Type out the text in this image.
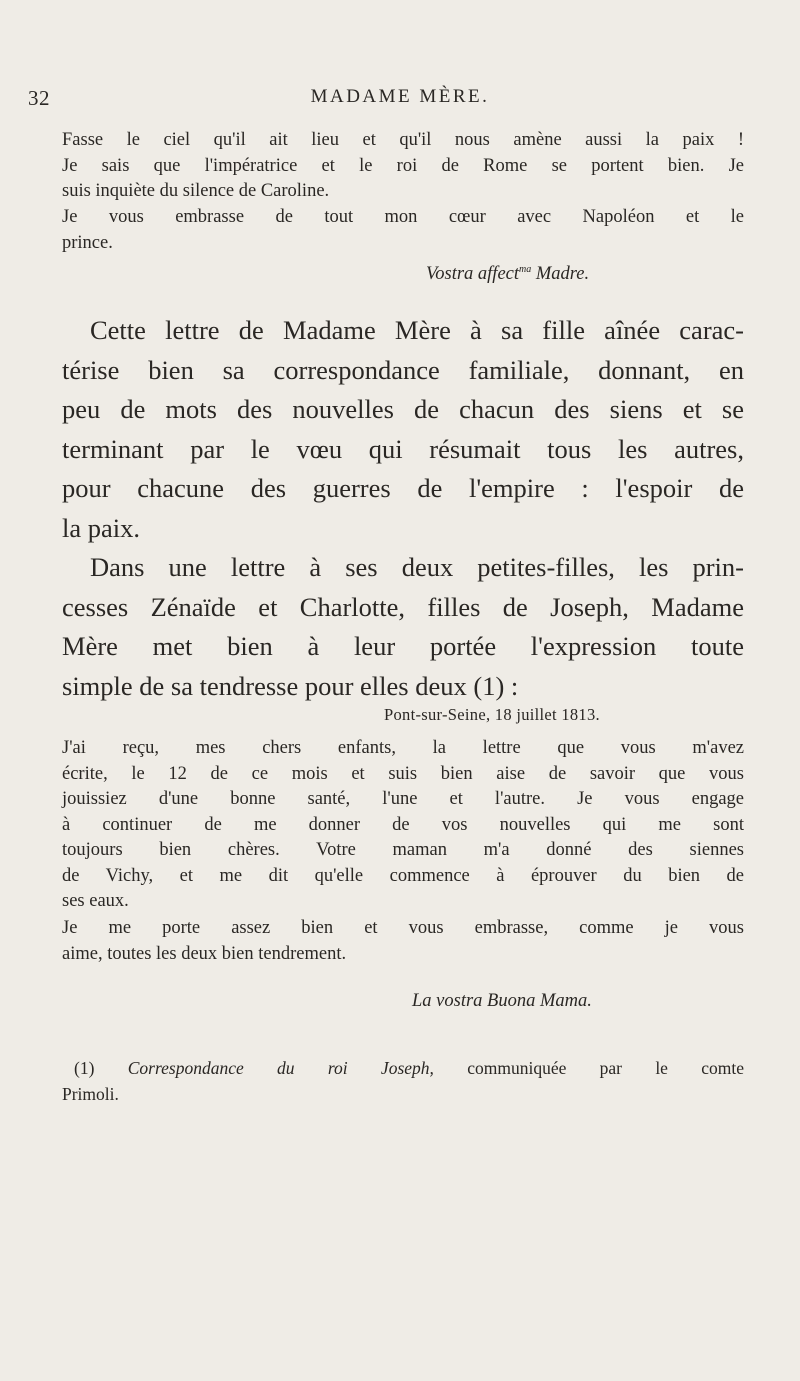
32	MADAME MÈRE.
Fasse le ciel qu'il ait lieu et qu'il nous amène aussi la paix !
Je sais que l'impératrice et le roi de Rome se portent bien. Je
suis inquiète du silence de Caroline.
Je vous embrasse de tout mon cœur avec Napoléon et le
prince.
Vostra affect$^{ma}$ Madre.
Cette lettre de Madame Mère à sa fille aînée carac-
térise bien sa correspondance familiale, donnant, en
peu de mots des nouvelles de chacun des siens et se
terminant par le vœu qui résumait tous les autres,
pour chacune des guerres de l'empire : l'espoir de
la paix.
Dans une lettre à ses deux petites-filles, les prin-
cesses Zénaïde et Charlotte, filles de Joseph, Madame
Mère met bien à leur portée l'expression toute
simple de sa tendresse pour elles deux (1) :
Pont-sur-Seine, 18 juillet 1813.
J'ai reçu, mes chers enfants, la lettre que vous m'avez
écrite, le 12 de ce mois et suis bien aise de savoir que vous
jouissiez d'une bonne santé, l'une et l'autre. Je vous engage
à continuer de me donner de vos nouvelles qui me sont
toujours bien chères. Votre maman m'a donné des siennes
de Vichy, et me dit qu'elle commence à éprouver du bien de
ses eaux.
Je me porte assez bien et vous embrasse, comme je vous
aime, toutes les deux bien tendrement.
La vostra Buona Mama.
(1) Correspondance du roi Joseph, communiquée par le comte
Primoli.
